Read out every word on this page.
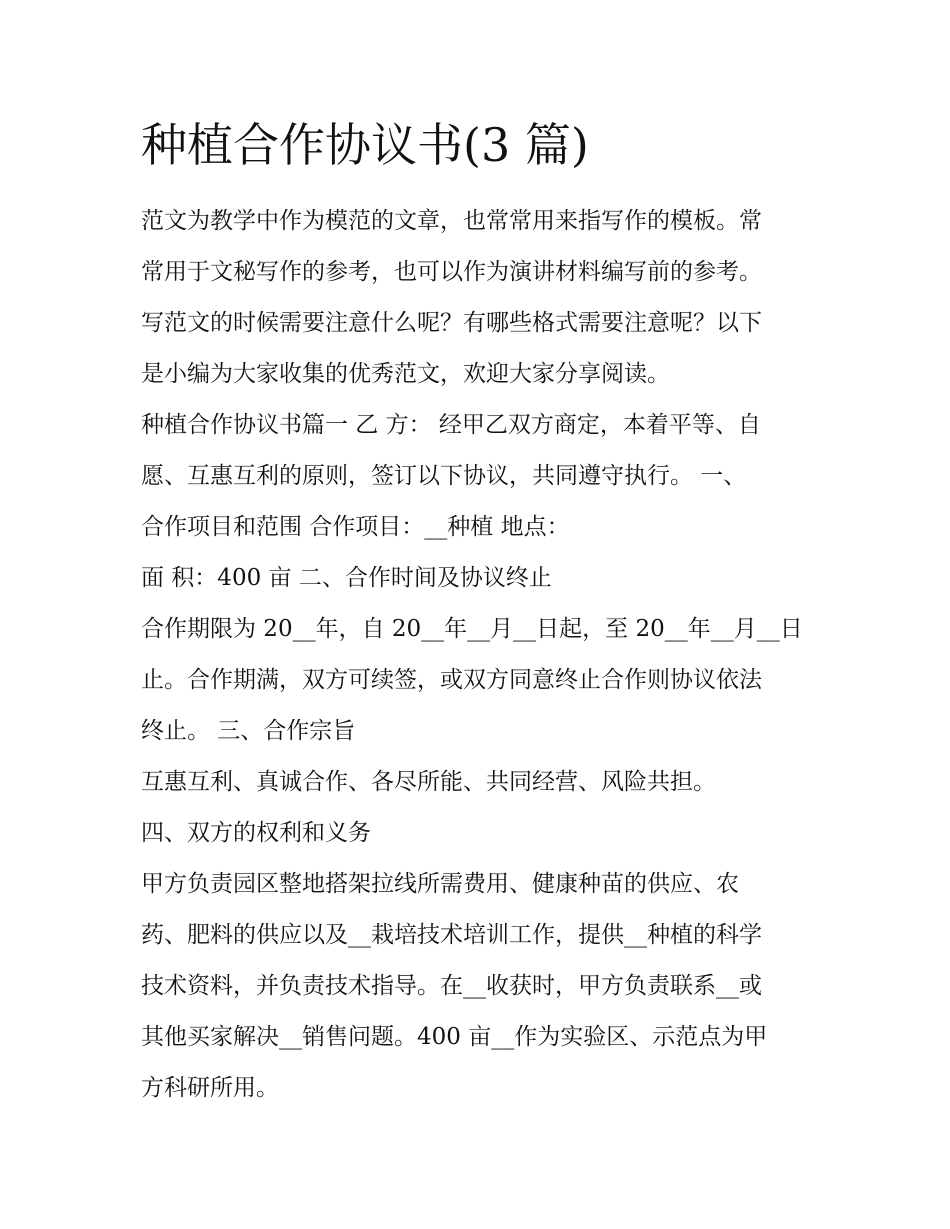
种植合作协议书(3 篇)
范文为教学中作为模范的文章，也常常用来指写作的模板。常
常用于文秘写作的参考，也可以作为演讲材料编写前的参考。
写范文的时候需要注意什么呢？有哪些格式需要注意呢？以下
是小编为大家收集的优秀范文，欢迎大家分享阅读。
种植合作协议书篇一 乙 方： 经甲乙双方商定，本着平等、自
愿、互惠互利的原则，签订以下协议，共同遵守执行。 一、
合作项目和范围 合作项目：__种植 地点：
面 积：400 亩 二、合作时间及协议终止
合作期限为 20__年，自 20__年__月__日起，至 20__年__月__日
止。合作期满，双方可续签，或双方同意终止合作则协议依法
终止。 三、合作宗旨
互惠互利、真诚合作、各尽所能、共同经营、风险共担。
四、双方的权利和义务
甲方负责园区整地搭架拉线所需费用、健康种苗的供应、农
药、肥料的供应以及__栽培技术培训工作，提供__种植的科学
技术资料，并负责技术指导。在__收获时，甲方负责联系__或
其他买家解决__销售问题。400 亩__作为实验区、示范点为甲
方科研所用。
